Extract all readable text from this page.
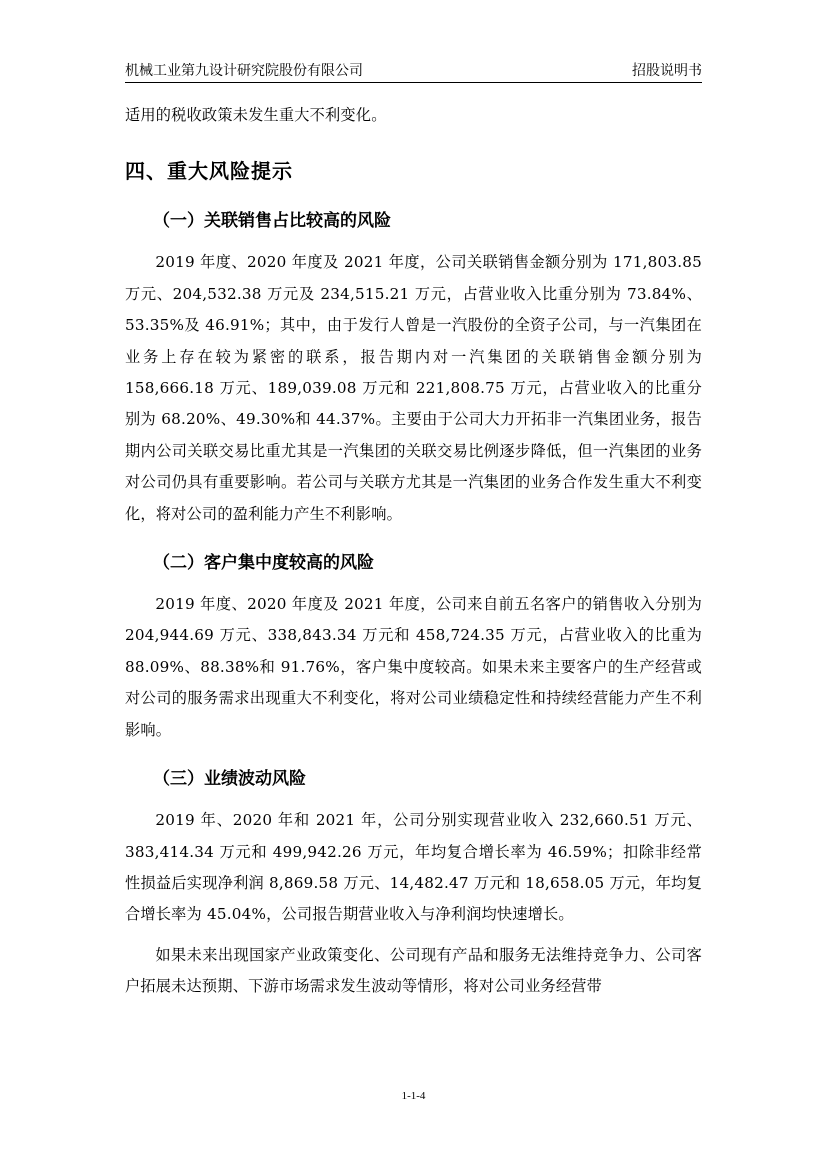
机械工业第九设计研究院股份有限公司	招股说明书

适用的税收政策未发生重大不利变化。

四、重大风险提示
（一）关联销售占比较高的风险

2019 年度、2020 年度及 2021 年度，公司关联销售金额分别为 171,803.85 万元、204,532.38 万元及 234,515.21 万元，占营业收入比重分别为 73.84%、53.35%及 46.91%；其中，由于发行人曾是一汽股份的全资子公司，与一汽集团在业务上存在较为紧密的联系，报告期内对一汽集团的关联销售金额分别为 158,666.18 万元、189,039.08 万元和 221,808.75 万元，占营业收入的比重分别为 68.20%、49.30%和 44.37%。主要由于公司大力开拓非一汽集团业务，报告期内公司关联交易比重尤其是一汽集团的关联交易比例逐步降低，但一汽集团的业务对公司仍具有重要影响。若公司与关联方尤其是一汽集团的业务合作发生重大不利变化，将对公司的盈利能力产生不利影响。

（二）客户集中度较高的风险

2019 年度、2020 年度及 2021 年度，公司来自前五名客户的销售收入分别为 204,944.69 万元、338,843.34 万元和 458,724.35 万元，占营业收入的比重为 88.09%、88.38%和 91.76%，客户集中度较高。如果未来主要客户的生产经营或对公司的服务需求出现重大不利变化，将对公司业绩稳定性和持续经营能力产生不利影响。

（三）业绩波动风险

2019 年、2020 年和 2021 年，公司分别实现营业收入 232,660.51 万元、383,414.34 万元和 499,942.26 万元，年均复合增长率为 46.59%；扣除非经常性损益后实现净利润 8,869.58 万元、14,482.47 万元和 18,658.05 万元，年均复合增长率为 45.04%，公司报告期营业收入与净利润均快速增长。

如果未来出现国家产业政策变化、公司现有产品和服务无法维持竞争力、公司客户拓展未达预期、下游市场需求发生波动等情形，将对公司业务经营带

1-1-4
